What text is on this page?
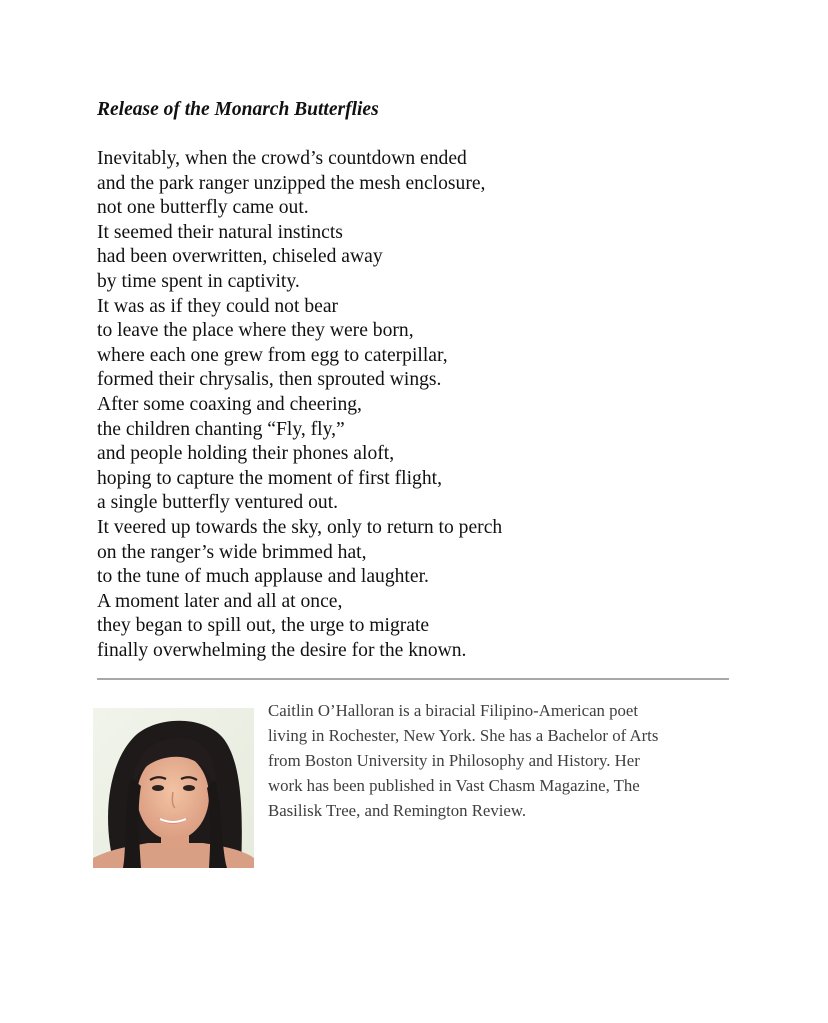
Release of the Monarch Butterflies
Inevitably, when the crowd’s countdown ended
and the park ranger unzipped the mesh enclosure,
not one butterfly came out.
It seemed their natural instincts
had been overwritten, chiseled away
by time spent in captivity.
It was as if they could not bear
to leave the place where they were born,
where each one grew from egg to caterpillar,
formed their chrysalis, then sprouted wings.
After some coaxing and cheering,
the children chanting “Fly, fly,”
and people holding their phones aloft,
hoping to capture the moment of first flight,
a single butterfly ventured out.
It veered up towards the sky, only to return to perch
on the ranger’s wide brimmed hat,
to the tune of much applause and laughter.
A moment later and all at once,
they began to spill out, the urge to migrate
finally overwhelming the desire for the known.
Caitlin O’Halloran is a biracial Filipino-American poet
living in Rochester, New York. She has a Bachelor of Arts
from Boston University in Philosophy and History. Her
work has been published in Vast Chasm Magazine, The
Basilisk Tree, and Remington Review.
